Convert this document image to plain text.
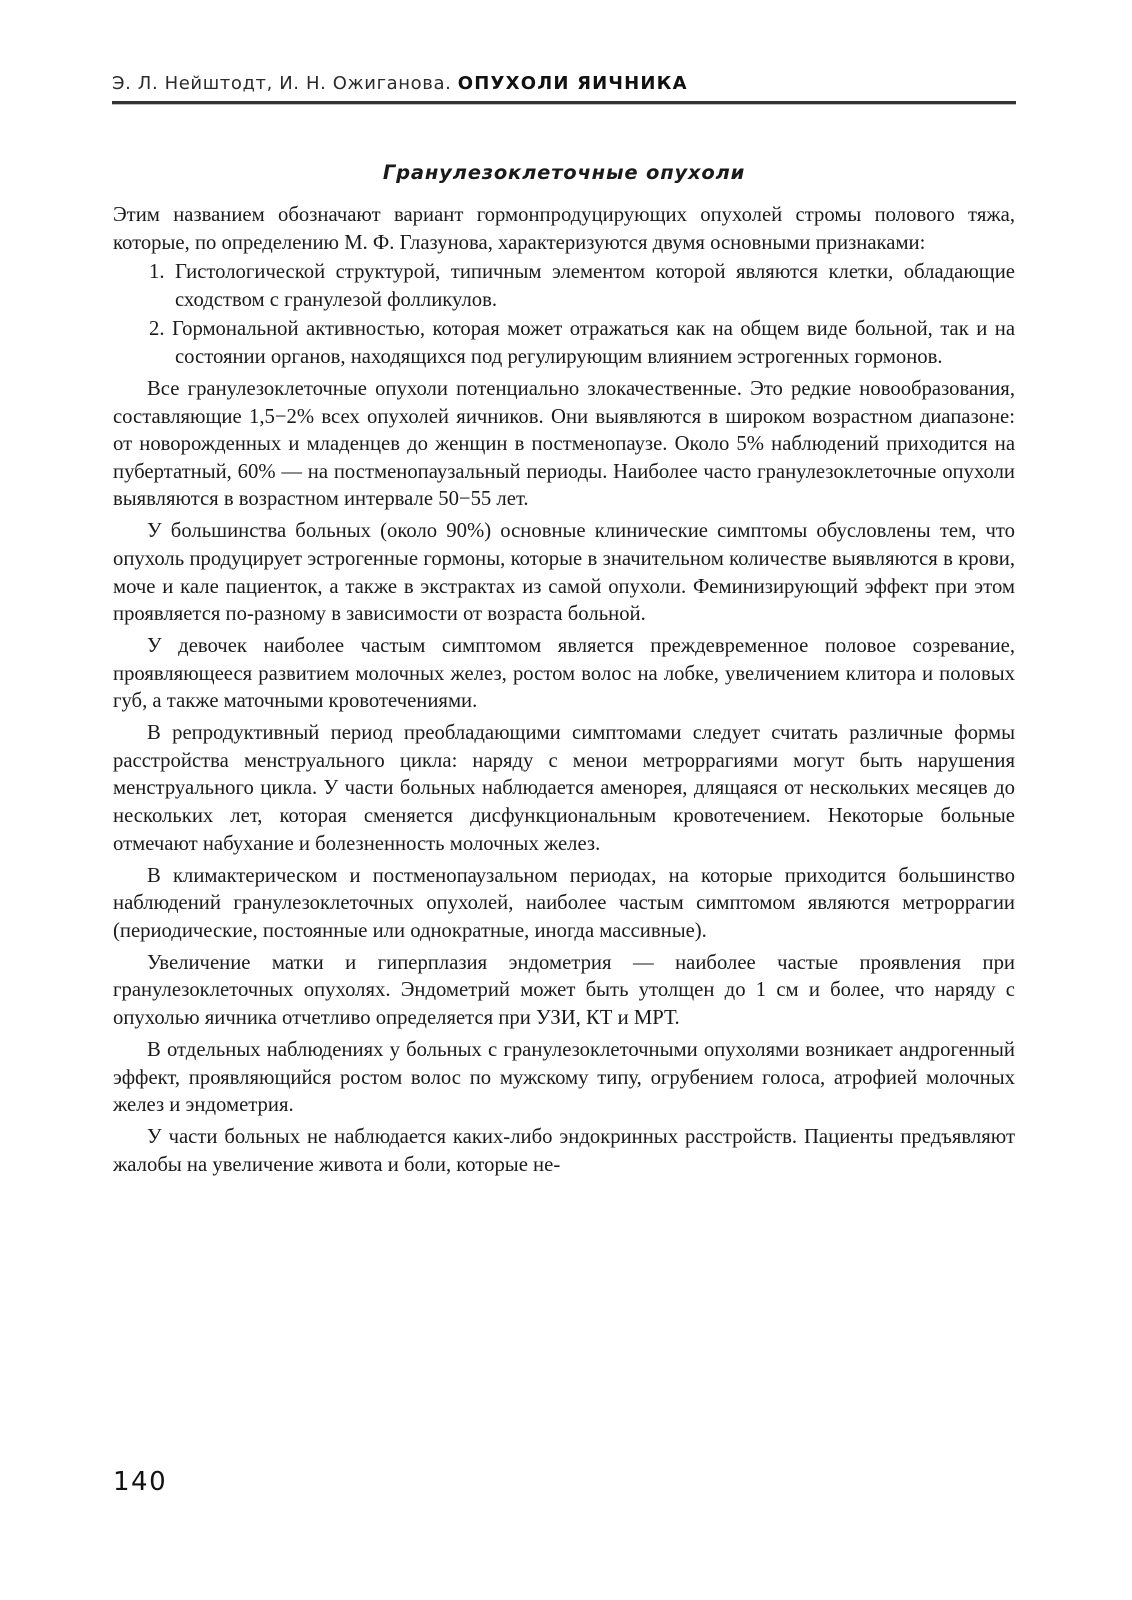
Э. Л. Нейштодт, И. Н. Ожиганова. ОПУХОЛИ ЯИЧНИКА
Гранулезоклеточные опухоли

Этим названием обозначают вариант гормонпродуцирующих опухолей стромы полового тяжа, которые, по определению М. Ф. Глазунова, характеризуются двумя основными признаками:

1. Гистологической структурой, типичным элементом которой являются клетки, обладающие сходством с гранулезой фолликулов.
2. Гормональной активностью, которая может отражаться как на общем виде больной, так и на состоянии органов, находящихся под регулирующим влиянием эстрогенных гормонов.

Все гранулезоклеточные опухоли потенциально злокачественные. Это редкие новообразования, составляющие 1,5−2% всех опухолей яичников. Они выявляются в широком возрастном диапазоне: от новорожденных и младенцев до женщин в постменопаузе. Около 5% наблюдений приходится на пубертатный, 60% — на постменопаузальный периоды. Наиболее часто гранулезоклеточные опухоли выявляются в возрастном интервале 50−55 лет.

У большинства больных (около 90%) основные клинические симптомы обусловлены тем, что опухоль продуцирует эстрогенные гормоны, которые в значительном количестве выявляются в крови, моче и кале пациенток, а также в экстрактах из самой опухоли. Феминизирующий эффект при этом проявляется по-разному в зависимости от возраста больной.

У девочек наиболее частым симптомом является преждевременное половое созревание, проявляющееся развитием молочных желез, ростом волос на лобке, увеличением клитора и половых губ, а также маточными кровотечениями.

В репродуктивный период преобладающими симптомами следует считать различные формы расстройства менструального цикла: наряду с менои метроррагиями могут быть нарушения менструального цикла. У части больных наблюдается аменорея, длящаяся от нескольких месяцев до нескольких лет, которая сменяется дисфункциональным кровотечением. Некоторые больные отмечают набухание и болезненность молочных желез.

В климактерическом и постменопаузальном периодах, на которые приходится большинство наблюдений гранулезоклеточных опухолей, наиболее частым симптомом являются метроррагии (периодические, постоянные или однократные, иногда массивные).

Увеличение матки и гиперплазия эндометрия — наиболее частые проявления при гранулезоклеточных опухолях. Эндометрий может быть утолщен до 1 см и более, что наряду с опухолью яичника отчетливо определяется при УЗИ, КТ и МРТ.

В отдельных наблюдениях у больных с гранулезоклеточными опухолями возникает андрогенный эффект, проявляющийся ростом волос по мужскому типу, огрубением голоса, атрофией молочных желез и эндометрия.

У части больных не наблюдается каких-либо эндокринных расстройств. Пациенты предъявляют жалобы на увеличение живота и боли, которые не-

140
